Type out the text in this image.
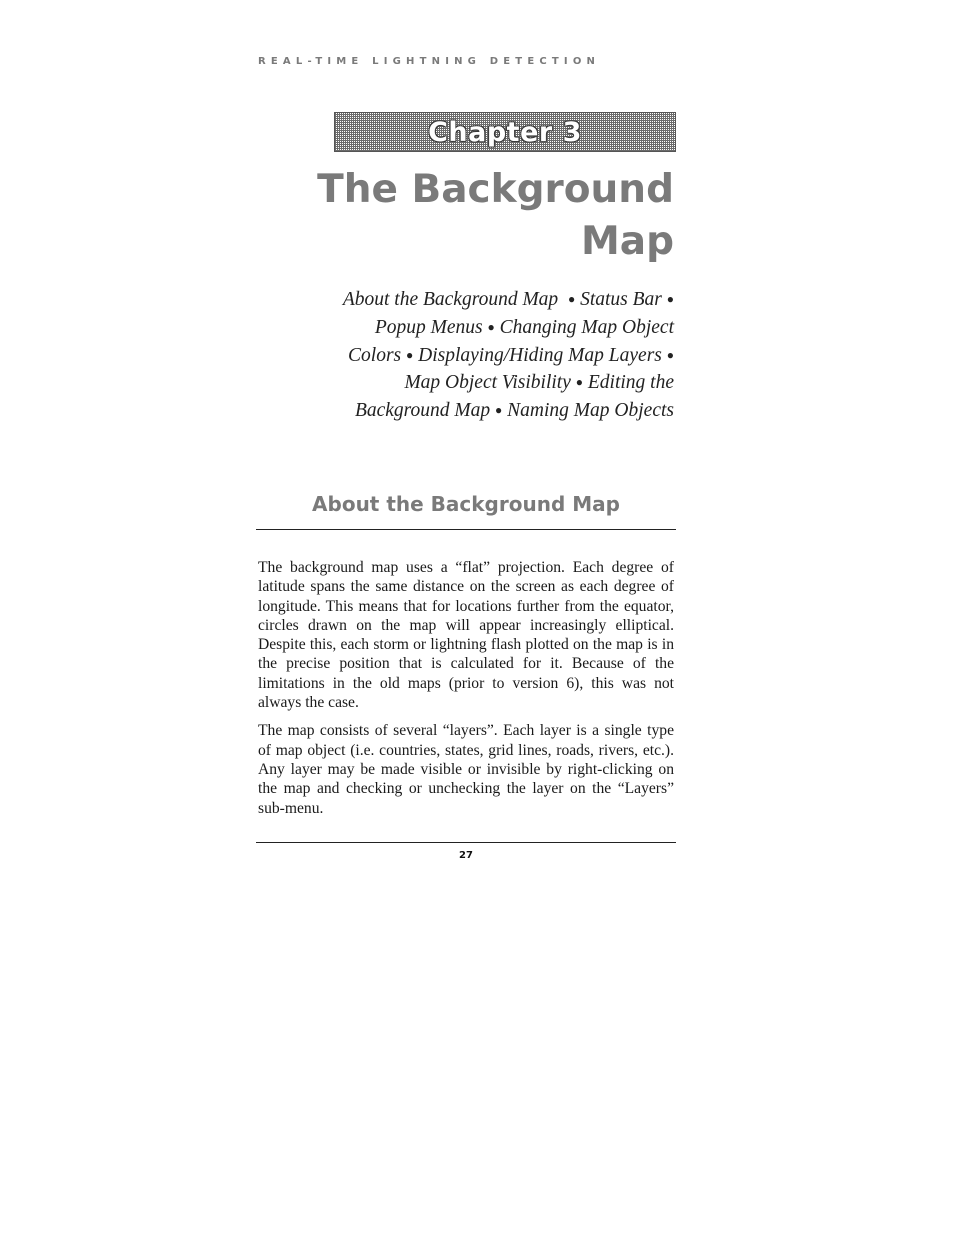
REAL-TIME LIGHTNING DETECTION
Chapter 3
The Background
Map
About the Background Map ● Status Bar ● Popup Menus ● Changing Map Object Colors ● Displaying/Hiding Map Layers ● Map Object Visibility ● Editing the Background Map ● Naming Map Objects
About the Background Map

The background map uses a “flat” projection. Each degree of latitude spans the same distance on the screen as each degree of longitude. This means that for locations further from the equator, circles drawn on the map will appear increasingly elliptical. Despite this, each storm or lightning flash plotted on the map is in the precise position that is calculated for it. Because of the limitations in the old maps (prior to version 6), this was not always the case.

The map consists of several “layers”. Each layer is a single type of map object (i.e. countries, states, grid lines, roads, rivers, etc.). Any layer may be made visible or invisible by right-clicking on the map and checking or unchecking the layer on the “Layers” sub-menu.

27
